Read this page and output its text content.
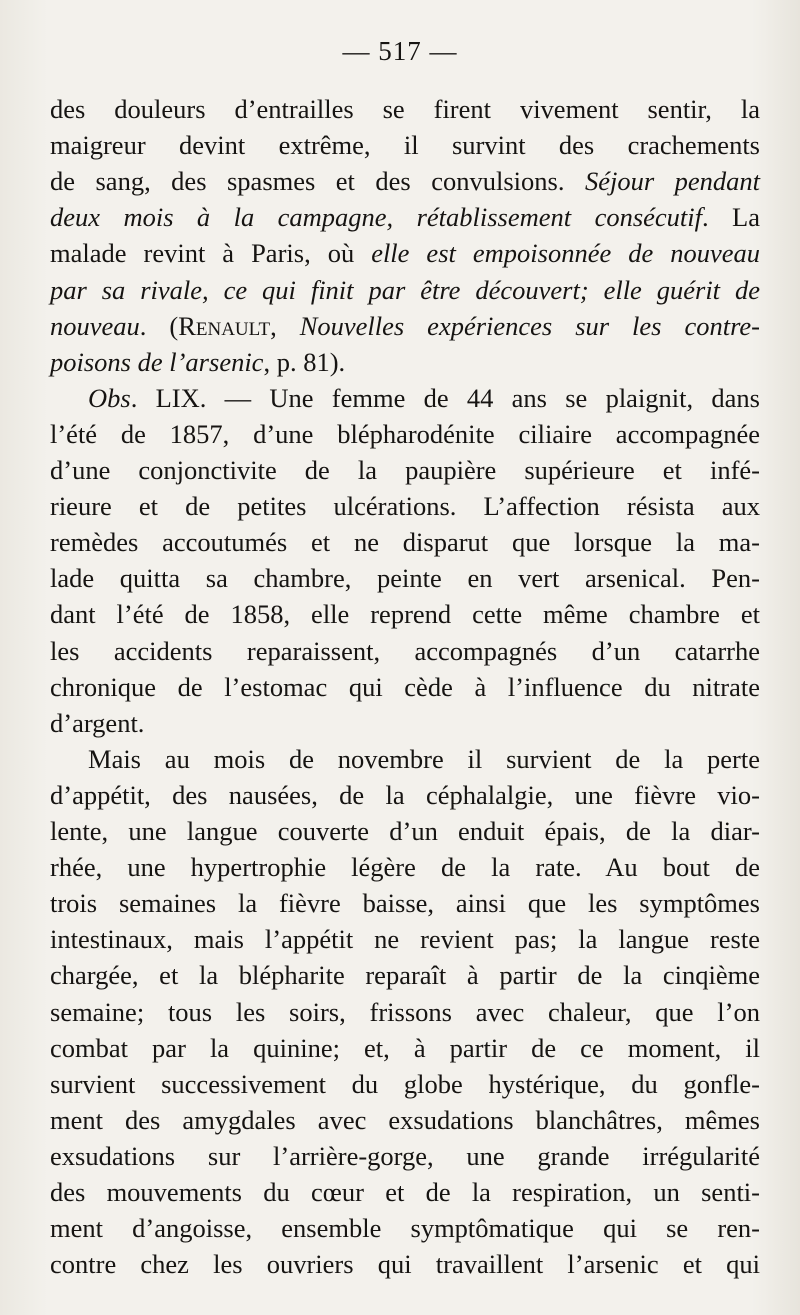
— 517 —
des douleurs d’entrailles se firent vivement sentir, la
maigreur devint extrême, il survint des crachements
de sang, des spasmes et des convulsions. Séjour pendant
deux mois à la campagne, rétablissement consécutif. La
malade revint à Paris, où elle est empoisonnée de nouveau
par sa rivale, ce qui finit par être découvert; elle guérit de
nouveau. (Renault, Nouvelles expériences sur les contre-
poisons de l’arsenic, p. 81).
Obs. LIX. — Une femme de 44 ans se plaignit, dans
l’été de 1857, d’une blépharodénite ciliaire accompagnée
d’une conjonctivite de la paupière supérieure et infé-
rieure et de petites ulcérations. L’affection résista aux
remèdes accoutumés et ne disparut que lorsque la ma-
lade quitta sa chambre, peinte en vert arsenical. Pen-
dant l’été de 1858, elle reprend cette même chambre et
les accidents reparaissent, accompagnés d’un catarrhe
chronique de l’estomac qui cède à l’influence du nitrate
d’argent.
Mais au mois de novembre il survient de la perte
d’appétit, des nausées, de la céphalalgie, une fièvre vio-
lente, une langue couverte d’un enduit épais, de la diar-
rhée, une hypertrophie légère de la rate. Au bout de
trois semaines la fièvre baisse, ainsi que les symptômes
intestinaux, mais l’appétit ne revient pas; la langue reste
chargée, et la blépharite reparaît à partir de la cinqième
semaine; tous les soirs, frissons avec chaleur, que l’on
combat par la quinine; et, à partir de ce moment, il
survient successivement du globe hystérique, du gonfle-
ment des amygdales avec exsudations blanchâtres, mêmes
exsudations sur l’arrière-gorge, une grande irrégularité
des mouvements du cœur et de la respiration, un senti-
ment d’angoisse, ensemble symptômatique qui se ren-
contre chez les ouvriers qui travaillent l’arsenic et qui
